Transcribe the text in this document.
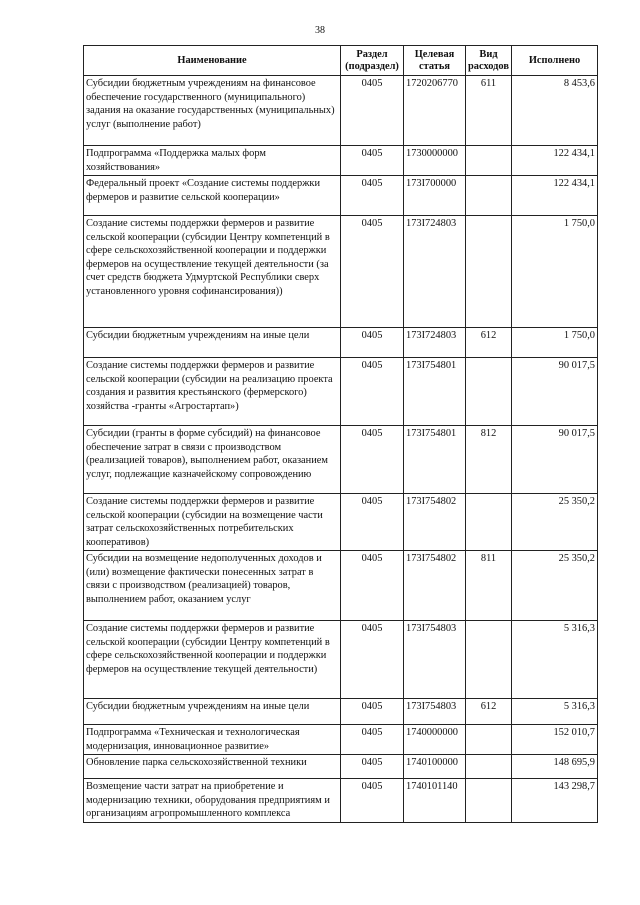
38
Наименование	Раздел (подраздел)	Целевая статья	Вид расходов	Исполнено
Субсидии бюджетным учреждениям на финансовое обеспечение государственного (муниципального) задания на оказание государственных (муниципальных) услуг (выполнение работ)	0405	1720206770	611	8 453,6
Подпрограмма «Поддержка малых форм хозяйствования»	0405	1730000000		122 434,1
Федеральный проект «Создание системы поддержки фермеров и развитие сельской кооперации»	0405	173I700000		122 434,1
Создание системы поддержки фермеров и развитие сельской кооперации (субсидии Центру компетенций в сфере сельскохозяйственной кооперации и поддержки фермеров на осуществление текущей деятельности (за счет средств бюджета Удмуртской Республики сверх установленного уровня софинансирования))	0405	173I724803		1 750,0
Субсидии бюджетным учреждениям на иные цели	0405	173I724803	612	1 750,0
Создание системы поддержки фермеров и развитие сельской кооперации (субсидии на реализацию проекта создания и развития крестьянского (фермерского) хозяйства -гранты «Агростартап»)	0405	173I754801		90 017,5
Субсидии (гранты в форме субсидий) на финансовое обеспечение затрат в связи с производством (реализацией товаров), выполнением работ, оказанием услуг, подлежащие казначейскому сопровождению	0405	173I754801	812	90 017,5
Создание системы поддержки фермеров и развитие сельской кооперации (субсидии на возмещение части затрат сельскохозяйственных потребительских кооперативов)	0405	173I754802		25 350,2
Субсидии на возмещение недополученных доходов и (или) возмещение фактически понесенных затрат в связи с производством (реализацией) товаров, выполнением работ, оказанием услуг	0405	173I754802	811	25 350,2
Создание системы поддержки фермеров и развитие сельской кооперации (субсидии Центру компетенций в сфере сельскохозяйственной кооперации и поддержки фермеров на осуществление текущей деятельности)	0405	173I754803		5 316,3
Субсидии бюджетным учреждениям на иные цели	0405	173I754803	612	5 316,3
Подпрограмма «Техническая и технологическая модернизация, инновационное развитие»	0405	1740000000		152 010,7
Обновление парка сельскохозяйственной техники	0405	1740100000		148 695,9
Возмещение части затрат на приобретение и модернизацию техники, оборудования предприятиям и организациям агропромышленного комплекса	0405	1740101140		143 298,7
